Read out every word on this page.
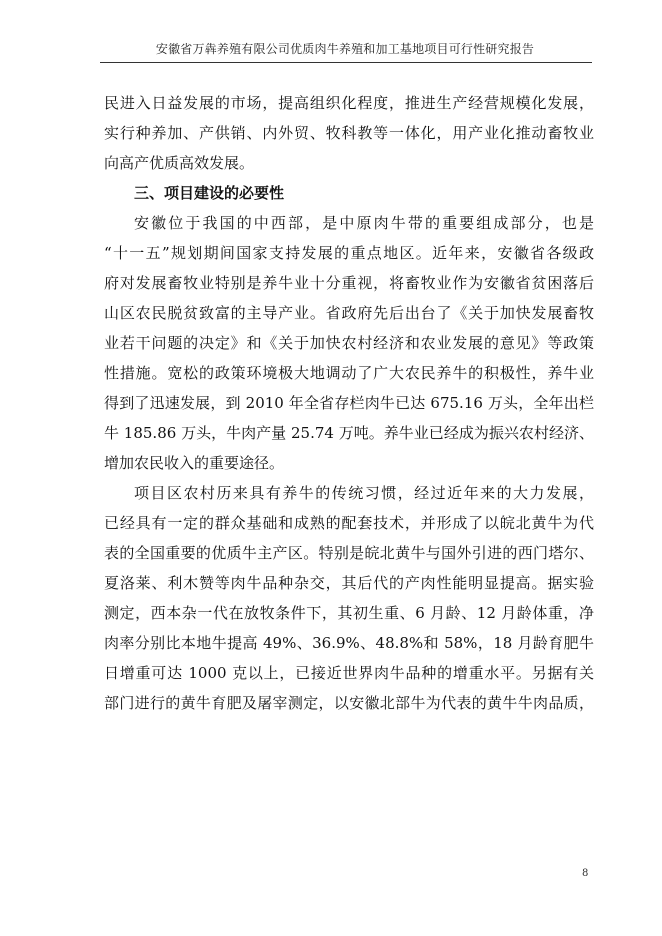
安徽省万犇养殖有限公司优质肉牛养殖和加工基地项目可行性研究报告
民进入日益发展的市场，提高组织化程度，推进生产经营规模化发展，
实行种养加、产供销、内外贸、牧科教等一体化，用产业化推动畜牧业
向高产优质高效发展。
三、项目建设的必要性
安徽位于我国的中西部，是中原肉牛带的重要组成部分，也是
“十一五”规划期间国家支持发展的重点地区。近年来，安徽省各级政
府对发展畜牧业特别是养牛业十分重视，将畜牧业作为安徽省贫困落后
山区农民脱贫致富的主导产业。省政府先后出台了《关于加快发展畜牧
业若干问题的决定》和《关于加快农村经济和农业发展的意见》等政策
性措施。宽松的政策环境极大地调动了广大农民养牛的积极性，养牛业
得到了迅速发展，到 2010 年全省存栏肉牛已达 675.16 万头，全年出栏
牛 185.86 万头，牛肉产量 25.74 万吨。养牛业已经成为振兴农村经济、
增加农民收入的重要途径。
项目区农村历来具有养牛的传统习惯，经过近年来的大力发展，
已经具有一定的群众基础和成熟的配套技术，并形成了以皖北黄牛为代
表的全国重要的优质牛主产区。特别是皖北黄牛与国外引进的西门塔尔、
夏洛莱、利木赞等肉牛品种杂交，其后代的产肉性能明显提高。据实验
测定，西本杂一代在放牧条件下，其初生重、6 月龄、12 月龄体重，净
肉率分别比本地牛提高 49%、36.9%、48.8%和 58%，18 月龄育肥牛
日增重可达 1000 克以上，已接近世界肉牛品种的增重水平。另据有关
部门进行的黄牛育肥及屠宰测定，以安徽北部牛为代表的黄牛牛肉品质，
8
